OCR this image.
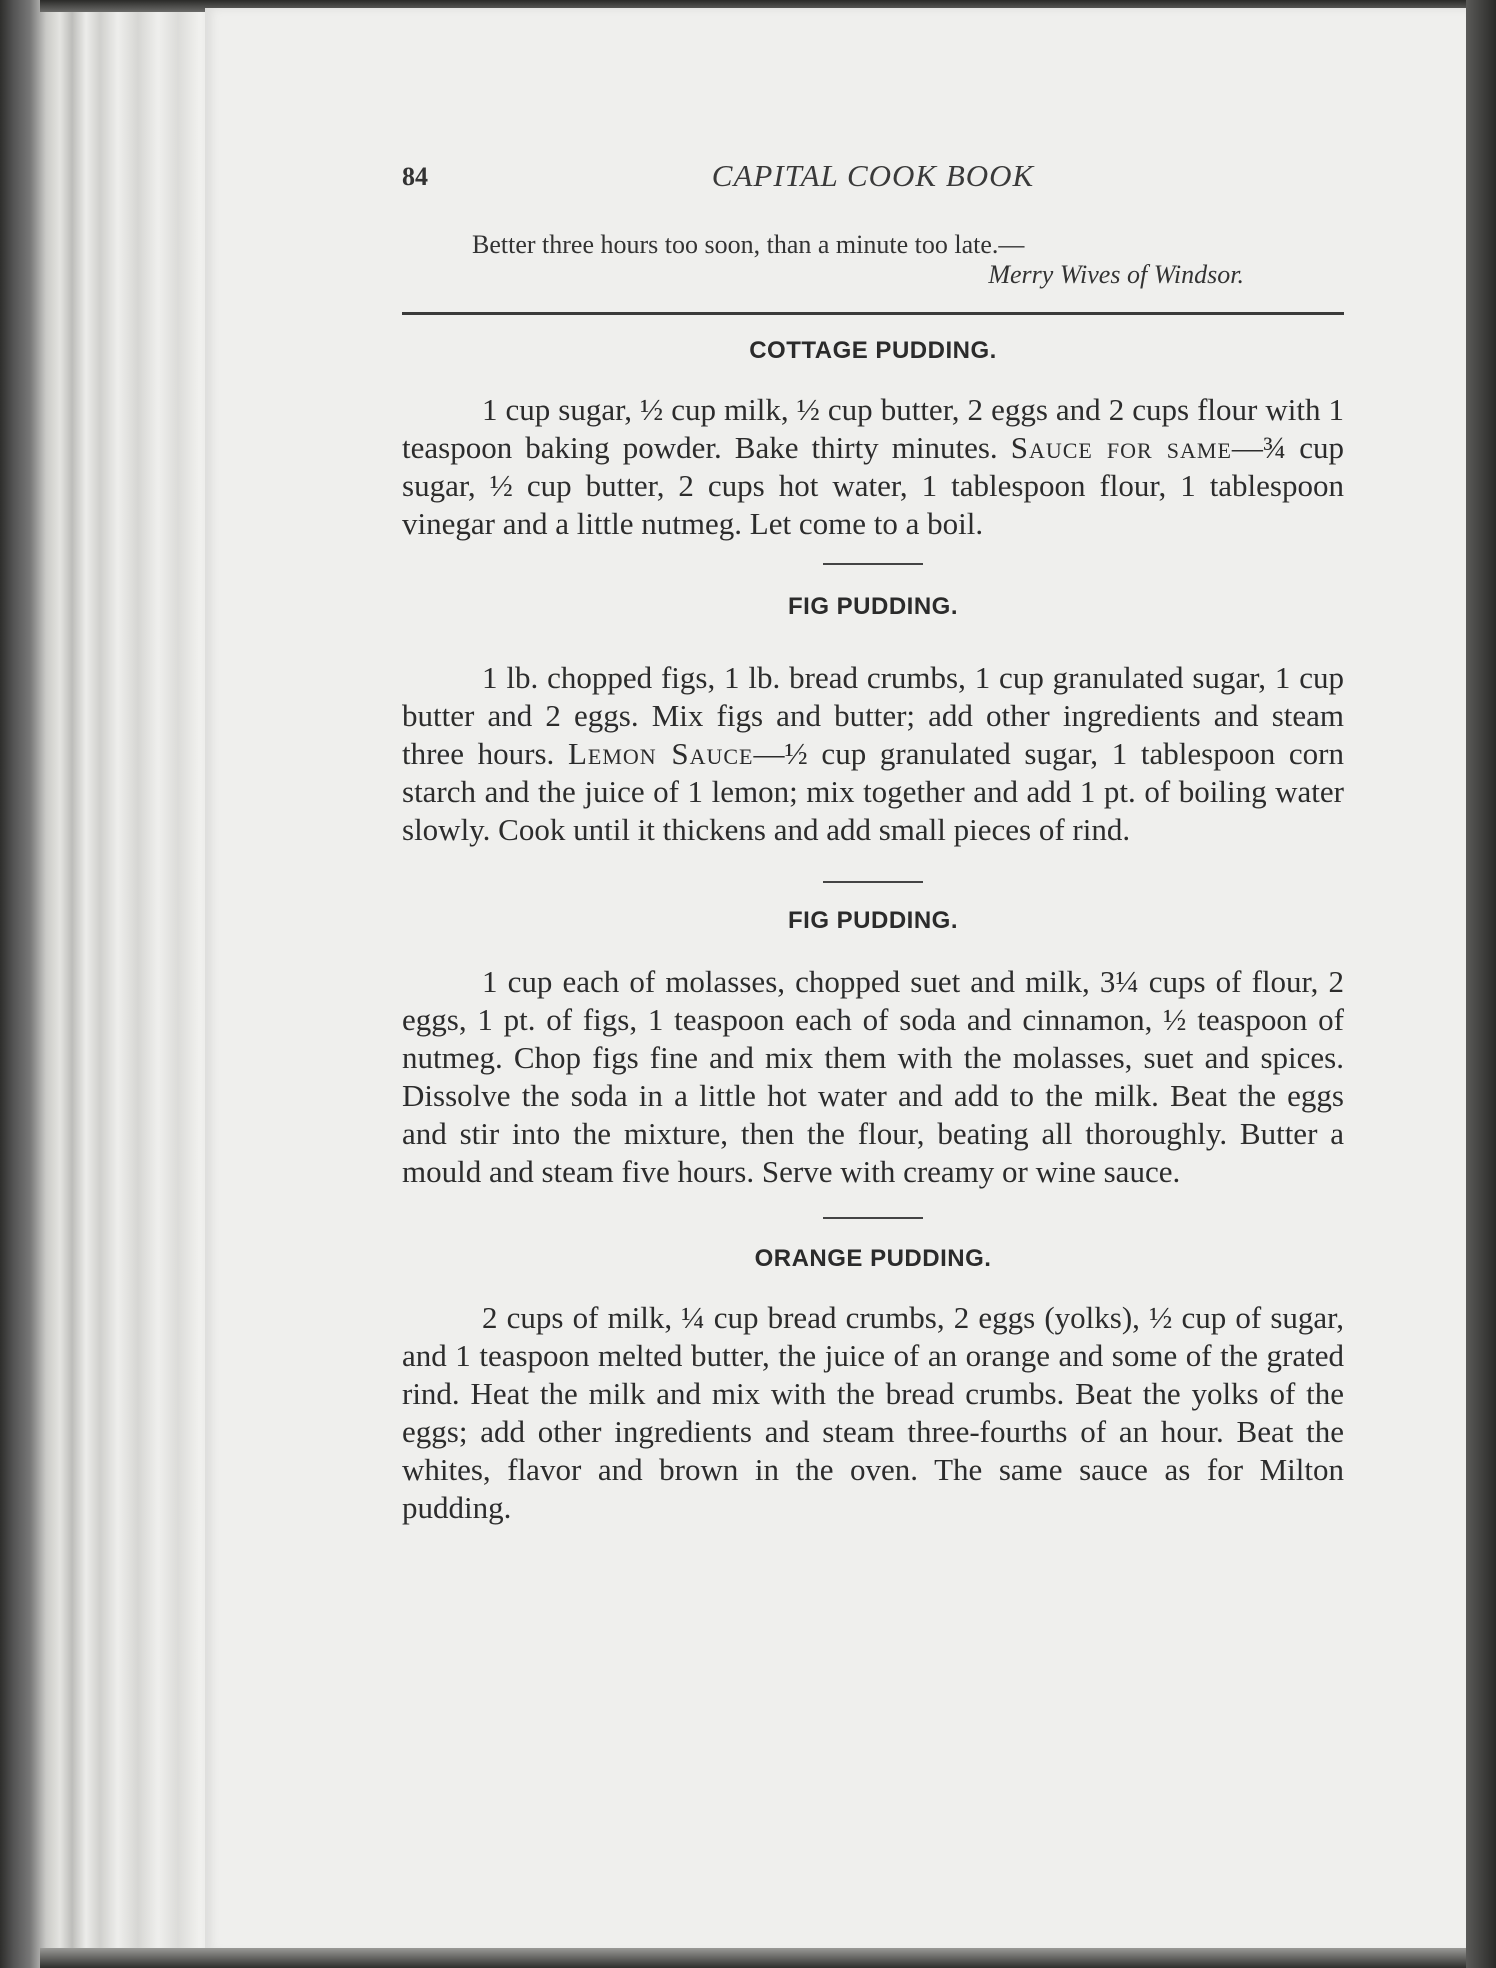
84	CAPITAL COOK BOOK
Better three hours too soon, than a minute too late.—
Merry Wives of Windsor.
COTTAGE PUDDING.

1 cup sugar, ½ cup milk, ½ cup butter, 2 eggs and 2 cups flour with 1 teaspoon baking powder. Bake thirty minutes. Sauce for same—¾ cup sugar, ½ cup butter, 2 cups hot water, 1 tablespoon flour, 1 tablespoon vinegar and a little nutmeg. Let come to a boil.

FIG PUDDING.

1 lb. chopped figs, 1 lb. bread crumbs, 1 cup granulated sugar, 1 cup butter and 2 eggs. Mix figs and butter; add other ingredients and steam three hours. Lemon Sauce—½ cup granulated sugar, 1 tablespoon corn starch and the juice of 1 lemon; mix together and add 1 pt. of boiling water slowly. Cook until it thickens and add small pieces of rind.

FIG PUDDING.

1 cup each of molasses, chopped suet and milk, 3¼ cups of flour, 2 eggs, 1 pt. of figs, 1 teaspoon each of soda and cinnamon, ½ teaspoon of nutmeg. Chop figs fine and mix them with the molasses, suet and spices. Dissolve the soda in a little hot water and add to the milk. Beat the eggs and stir into the mixture, then the flour, beating all thoroughly. Butter a mould and steam five hours. Serve with creamy or wine sauce.

ORANGE PUDDING.

2 cups of milk, ¼ cup bread crumbs, 2 eggs (yolks), ½ cup of sugar, and 1 teaspoon melted butter, the juice of an orange and some of the grated rind. Heat the milk and mix with the bread crumbs. Beat the yolks of the eggs; add other ingredients and steam three-fourths of an hour. Beat the whites, flavor and brown in the oven. The same sauce as for Milton pudding.
